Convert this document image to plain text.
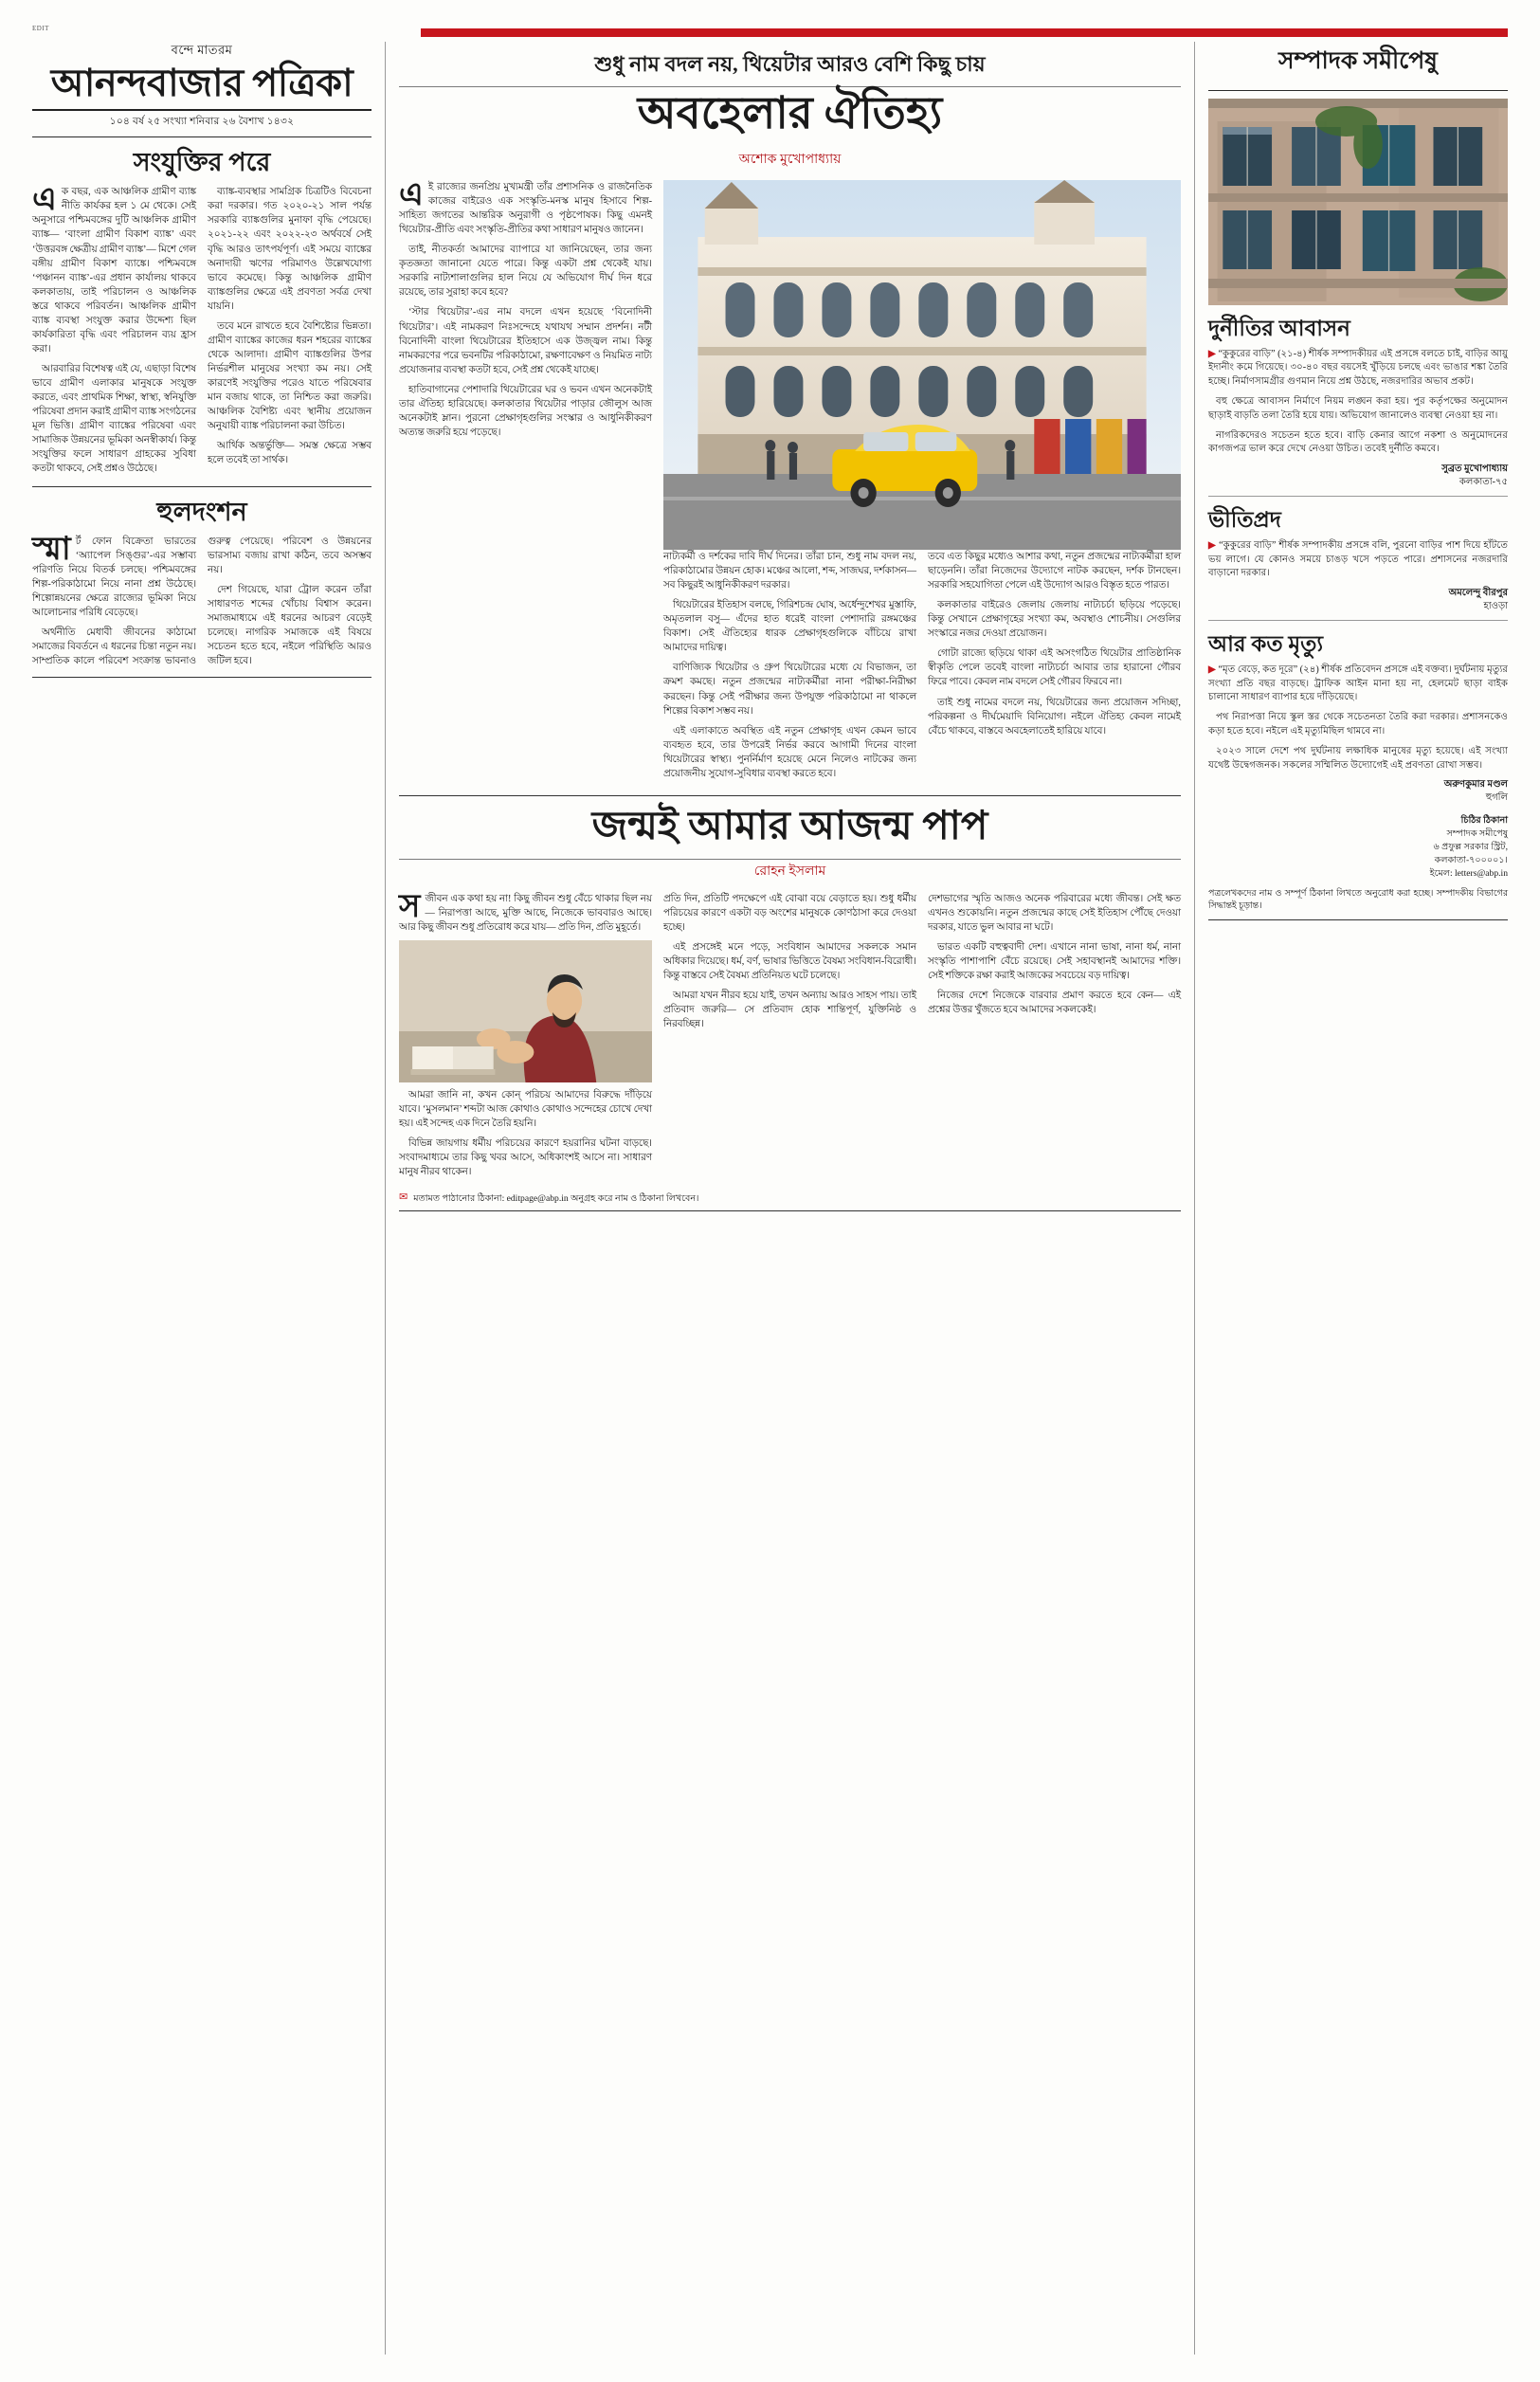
EDIT
বন্দে মাতরম
আনন্দবাজার পত্রিকা
১০৪ বর্ষ ২৫ সংখ্যা শনিবার ২৬ বৈশাখ ১৪৩২
সংযুক্তির পরে

এক বছর, এক আঞ্চলিক গ্রামীণ ব্যাঙ্ক নীতি কার্যকর হল ১ মে থেকে। সেই অনুসারে পশ্চিমবঙ্গের দুটি আঞ্চলিক গ্রামীণ ব্যাঙ্ক— ‘বাংলা গ্রামীণ বিকাশ ব্যাঙ্ক’ এবং ‘উত্তরবঙ্গ ক্ষেত্রীয় গ্রামীণ ব্যাঙ্ক’— মিশে গেল বঙ্গীয় গ্রামীণ বিকাশ ব্যাঙ্কে। পশ্চিমবঙ্গে ‘পঞ্চানন ব্যাঙ্ক’-এর প্রধান কার্যালয় থাকবে কলকাতায়, তাই পরিচালন ও আঞ্চলিক স্তরে থাকবে পরিবর্তন। আঞ্চলিক গ্রামীণ ব্যাঙ্ক ব্যবস্থা সংযুক্ত করার উদ্দেশ্য ছিল কার্যকারিতা বৃদ্ধি এবং পরিচালন ব্যয় হ্রাস করা।

আরবারির বিশেষত্ব এই যে, এছাড়া বিশেষ ভাবে গ্রামীণ এলাকার মানুষকে সংযুক্ত করতে, এবং প্রাথমিক শিক্ষা, স্বাস্থ্য, স্বনিযুক্তি পরিষেবা প্রদান করাই গ্রামীণ ব্যাঙ্ক সংগঠনের মূল ভিত্তি। গ্রামীণ ব্যাঙ্কের পরিষেবা এবং সামাজিক উন্নয়নের ভূমিকা অনস্বীকার্য। কিন্তু সংযুক্তির ফলে সাধারণ গ্রাহকের সুবিধা কতটা থাকবে, সেই প্রশ্নও উঠেছে।

ব্যাঙ্ক-ব্যবস্থার সামগ্রিক চিত্রটিও বিবেচনা করা দরকার। গত ২০২০-২১ সাল পর্যন্ত সরকারি ব্যাঙ্কগুলির মুনাফা বৃদ্ধি পেয়েছে। ২০২১-২২ এবং ২০২২-২৩ অর্থবর্ষে সেই বৃদ্ধি আরও তাৎপর্যপূর্ণ। এই সময়ে ব্যাঙ্কের অনাদায়ী ঋণের পরিমাণও উল্লেখযোগ্য ভাবে কমেছে। কিন্তু আঞ্চলিক গ্রামীণ ব্যাঙ্কগুলির ক্ষেত্রে এই প্রবণতা সর্বত্র দেখা যায়নি।

তবে মনে রাখতে হবে বৈশিষ্ট্যের ভিন্নতা। গ্রামীণ ব্যাঙ্কের কাজের ধরন শহরের ব্যাঙ্কের থেকে আলাদা। গ্রামীণ ব্যাঙ্কগুলির উপর নির্ভরশীল মানুষের সংখ্যা কম নয়। সেই কারণেই সংযুক্তির পরেও যাতে পরিষেবার মান বজায় থাকে, তা নিশ্চিত করা জরুরি। আঞ্চলিক বৈশিষ্ট্য এবং স্থানীয় প্রয়োজন অনুযায়ী ব্যাঙ্ক পরিচালনা করা উচিত।

আর্থিক অন্তর্ভুক্তি— সমস্ত ক্ষেত্রে সম্ভব হলে তবেই তা সার্থক।

হুলদংশন

স্মার্ট ফোন বিক্রেতা ভারতের ‘অ্যাপেল সিঙ্গুর’-এর সম্ভাব্য পরিণতি নিয়ে বিতর্ক চলছে। পশ্চিমবঙ্গের শিল্প-পরিকাঠামো নিয়ে নানা প্রশ্ন উঠেছে। শিল্পোন্নয়নের ক্ষেত্রে রাজ্যের ভূমিকা নিয়ে আলোচনার পরিধি বেড়েছে।

অর্থনীতি মেধাবী জীবনের কাঠামো সমাজের বিবর্তনে এ ধরনের চিন্তা নতুন নয়। সাম্প্রতিক কালে পরিবেশ সংক্রান্ত ভাবনাও গুরুত্ব পেয়েছে। পরিবেশ ও উন্নয়নের ভারসাম্য বজায় রাখা কঠিন, তবে অসম্ভব নয়।

দেশ গিয়েছে, যারা ট্রোল করেন তাঁরা সাধারণত শব্দের খোঁচায় বিশ্বাস করেন। সমাজমাধ্যমে এই ধরনের আচরণ বেড়েই চলেছে। নাগরিক সমাজকে এই বিষয়ে সচেতন হতে হবে, নইলে পরিস্থিতি আরও জটিল হবে।

শুধু নাম বদল নয়, থিয়েটার আরও বেশি কিছু চায়
অবহেলার ঐতিহ্য
অশোক মুখোপাধ্যায়

এই রাজ্যের জনপ্রিয় মুখ্যমন্ত্রী তাঁর প্রশাসনিক ও রাজনৈতিক কাজের বাইরেও এক সংস্কৃতি-মনস্ক মানুষ হিসাবে শিল্প-সাহিত্য জগতের আন্তরিক অনুরাগী ও পৃষ্ঠপোষক। কিছু এমনই থিয়েটার-প্রীতি এবং সংস্কৃতি-প্রীতির কথা সাধারণ মানুষও জানেন।

তাই, নীতকর্তা আমাদের ব্যাপারে যা জানিয়েছেন, তার জন্য কৃতজ্ঞতা জানানো যেতে পারে। কিন্তু একটা প্রশ্ন থেকেই যায়। সরকারি নাট্যশালাগুলির হাল নিয়ে যে অভিযোগ দীর্ঘ দিন ধরে রয়েছে, তার সুরাহা কবে হবে?

‘স্টার থিয়েটার’-এর নাম বদলে এখন হয়েছে ‘বিনোদিনী থিয়েটার’। এই নামকরণ নিঃসন্দেহে যথাযথ সম্মান প্রদর্শন। নটী বিনোদিনী বাংলা থিয়েটারের ইতিহাসে এক উজ্জ্বল নাম। কিন্তু নামকরণের পরে ভবনটির পরিকাঠামো, রক্ষণাবেক্ষণ ও নিয়মিত নাট্য প্রযোজনার ব্যবস্থা কতটা হবে, সেই প্রশ্ন থেকেই যাচ্ছে।

হাতিবাগানের পেশাদারি থিয়েটারের ঘর ও ভবন এখন অনেকটাই তার ঐতিহ্য হারিয়েছে। কলকাতার থিয়েটার পাড়ার জৌলুস আজ অনেকটাই ম্লান। পুরনো প্রেক্ষাগৃহগুলির সংস্কার ও আধুনিকীকরণ অত্যন্ত জরুরি হয়ে পড়েছে।

নাট্যকর্মী ও দর্শকের দাবি দীর্ঘ দিনের। তাঁরা চান, শুধু নাম বদল নয়, পরিকাঠামোর উন্নয়ন হোক। মঞ্চের আলো, শব্দ, সাজঘর, দর্শকাসন— সব কিছুরই আধুনিকীকরণ দরকার।

থিয়েটারের ইতিহাস বলছে, গিরিশচন্দ্র ঘোষ, অর্ধেন্দুশেখর মুস্তাফি, অমৃতলাল বসু— এঁদের হাত ধরেই বাংলা পেশাদারি রঙ্গমঞ্চের বিকাশ। সেই ঐতিহ্যের ধারক প্রেক্ষাগৃহগুলিকে বাঁচিয়ে রাখা আমাদের দায়িত্ব।

বাণিজ্যিক থিয়েটার ও গ্রুপ থিয়েটারের মধ্যে যে বিভাজন, তা ক্রমশ কমছে। নতুন প্রজন্মের নাট্যকর্মীরা নানা পরীক্ষা-নিরীক্ষা করছেন। কিন্তু সেই পরীক্ষার জন্য উপযুক্ত পরিকাঠামো না থাকলে শিল্পের বিকাশ সম্ভব নয়।

এই এলাকাতে অবস্থিত এই নতুন প্রেক্ষাগৃহ এখন কেমন ভাবে ব্যবহৃত হবে, তার উপরেই নির্ভর করবে আগামী দিনের বাংলা থিয়েটারের স্বাস্থ্য। পুনর্নির্মাণ হয়েছে মেনে নিলেও নাটকের জন্য প্রয়োজনীয় সুযোগ-সুবিধার ব্যবস্থা করতে হবে।

তবে এত কিছুর মধ্যেও আশার কথা, নতুন প্রজন্মের নাট্যকর্মীরা হাল ছাড়েননি। তাঁরা নিজেদের উদ্যোগে নাটক করছেন, দর্শক টানছেন। সরকারি সহযোগিতা পেলে এই উদ্যোগ আরও বিস্তৃত হতে পারত।

কলকাতার বাইরেও জেলায় জেলায় নাট্যচর্চা ছড়িয়ে পড়েছে। কিন্তু সেখানে প্রেক্ষাগৃহের সংখ্যা কম, অবস্থাও শোচনীয়। সেগুলির সংস্কারে নজর দেওয়া প্রয়োজন।

গোটা রাজ্যে ছড়িয়ে থাকা এই অসংগঠিত থিয়েটার প্রাতিষ্ঠানিক স্বীকৃতি পেলে তবেই বাংলা নাট্যচর্চা আবার তার হারানো গৌরব ফিরে পাবে। কেবল নাম বদলে সেই গৌরব ফিরবে না।

তাই শুধু নামের বদলে নয়, থিয়েটারের জন্য প্রয়োজন সদিচ্ছা, পরিকল্পনা ও দীর্ঘমেয়াদি বিনিয়োগ। নইলে ঐতিহ্য কেবল নামেই বেঁচে থাকবে, বাস্তবে অবহেলাতেই হারিয়ে যাবে।

জন্মই আমার আজন্ম পাপ
রোহন ইসলাম

সজীবন এক কথা হয় না! কিছু জীবন শুধু বেঁচে থাকার ছিল নয়— নিরাপত্তা আছে, মুক্তি আছে, নিজেকে ভাববারও আছে। আর কিছু জীবন শুধু প্রতিরোধ করে যায়— প্রতি দিন, প্রতি মুহূর্তে।

আমরা জানি না, কখন কোন্‌ পরিচয় আমাদের বিরুদ্ধে দাঁড়িয়ে যাবে। ‘মুসলমান’ শব্দটা আজ কোথাও কোথাও সন্দেহের চোখে দেখা হয়। এই সন্দেহ এক দিনে তৈরি হয়নি।

বিভিন্ন জায়গায় ধর্মীয় পরিচয়ের কারণে হয়রানির ঘটনা বাড়ছে। সংবাদমাধ্যমে তার কিছু খবর আসে, অধিকাংশই আসে না। সাধারণ মানুষ নীরব থাকেন।

প্রতি দিন, প্রতিটি পদক্ষেপে এই বোঝা বয়ে বেড়াতে হয়। শুধু ধর্মীয় পরিচয়ের কারণে একটা বড় অংশের মানুষকে কোণঠাসা করে দেওয়া হচ্ছে।

এই প্রসঙ্গেই মনে পড়ে, সংবিধান আমাদের সকলকে সমান অধিকার দিয়েছে। ধর্ম, বর্ণ, ভাষার ভিত্তিতে বৈষম্য সংবিধান-বিরোধী। কিন্তু বাস্তবে সেই বৈষম্য প্রতিনিয়ত ঘটে চলেছে।

আমরা যখন নীরব হয়ে যাই, তখন অন্যায় আরও সাহস পায়। তাই প্রতিবাদ জরুরি— সে প্রতিবাদ হোক শান্তিপূর্ণ, যুক্তিনিষ্ঠ ও নিরবচ্ছিন্ন।

দেশভাগের স্মৃতি আজও অনেক পরিবারের মধ্যে জীবন্ত। সেই ক্ষত এখনও শুকোয়নি। নতুন প্রজন্মের কাছে সেই ইতিহাস পৌঁছে দেওয়া দরকার, যাতে ভুল আবার না ঘটে।

ভারত একটি বহুত্ববাদী দেশ। এখানে নানা ভাষা, নানা ধর্ম, নানা সংস্কৃতি পাশাপাশি বেঁচে রয়েছে। সেই সহাবস্থানই আমাদের শক্তি। সেই শক্তিকে রক্ষা করাই আজকের সবচেয়ে বড় দায়িত্ব।

নিজের দেশে নিজেকে বারবার প্রমাণ করতে হবে কেন— এই প্রশ্নের উত্তর খুঁজতে হবে আমাদের সকলকেই।

✉ মতামত পাঠানোর ঠিকানা: editpage@abp.in অনুগ্রহ করে নাম ও ঠিকানা লিখবেন।
সম্পাদক সমীপেষু
দুর্নীতির আবাসন

▶ “কুকুরের বাড়ি” (২১-৪) শীর্ষক সম্পাদকীয়র এই প্রসঙ্গে বলতে চাই, বাড়ির আয়ু ইদানীং কমে গিয়েছে। ৩০-৪০ বছর বয়সেই খুঁড়িয়ে চলছে এবং ভাঙার শঙ্কা তৈরি হচ্ছে। নির্মাণসামগ্রীর গুণমান নিয়ে প্রশ্ন উঠছে, নজরদারির অভাব প্রকট।

বহু ক্ষেত্রে আবাসন নির্মাণে নিয়ম লঙ্ঘন করা হয়। পুর কর্তৃপক্ষের অনুমোদন ছাড়াই বাড়তি তলা তৈরি হয়ে যায়। অভিযোগ জানালেও ব্যবস্থা নেওয়া হয় না।

নাগরিকদেরও সচেতন হতে হবে। বাড়ি কেনার আগে নকশা ও অনুমোদনের কাগজপত্র ভাল করে দেখে নেওয়া উচিত। তবেই দুর্নীতি কমবে।

সুব্রত মুখোপাধ্যায়
কলকাতা-৭৫
ভীতিপ্রদ

▶ “কুকুরের বাড়ি” শীর্ষক সম্পাদকীয় প্রসঙ্গে বলি, পুরনো বাড়ির পাশ দিয়ে হাঁটতে ভয় লাগে। যে কোনও সময়ে চাঙড় খসে পড়তে পারে। প্রশাসনের নজরদারি বাড়ানো দরকার।

অমলেন্দু বীরপুর
হাওড়া
আর কত মৃত্যু

▶ “মৃত বেড়ে, কত দূরে” (২৪) শীর্ষক প্রতিবেদন প্রসঙ্গে এই বক্তব্য। দুর্ঘটনায় মৃত্যুর সংখ্যা প্রতি বছর বাড়ছে। ট্রাফিক আইন মানা হয় না, হেলমেট ছাড়া বাইক চালানো সাধারণ ব্যাপার হয়ে দাঁড়িয়েছে।

পথ নিরাপত্তা নিয়ে স্কুল স্তর থেকে সচেতনতা তৈরি করা দরকার। প্রশাসনকেও কড়া হতে হবে। নইলে এই মৃত্যুমিছিল থামবে না।

২০২৩ সালে দেশে পথ দুর্ঘটনায় লক্ষাধিক মানুষের মৃত্যু হয়েছে। এই সংখ্যা যথেষ্ট উদ্বেগজনক। সকলের সম্মিলিত উদ্যোগেই এই প্রবণতা রোখা সম্ভব।

অরুণকুমার মণ্ডল
হুগলি
চিঠির ঠিকানা
সম্পাদক সমীপেষু
৬ প্রফুল্ল সরকার স্ট্রিট,
কলকাতা-৭০০০০১।
ইমেল: letters@abp.in
পত্রলেখকদের নাম ও সম্পূর্ণ ঠিকানা লিখতে অনুরোধ করা হচ্ছে। সম্পাদকীয় বিভাগের সিদ্ধান্তই চূড়ান্ত।
